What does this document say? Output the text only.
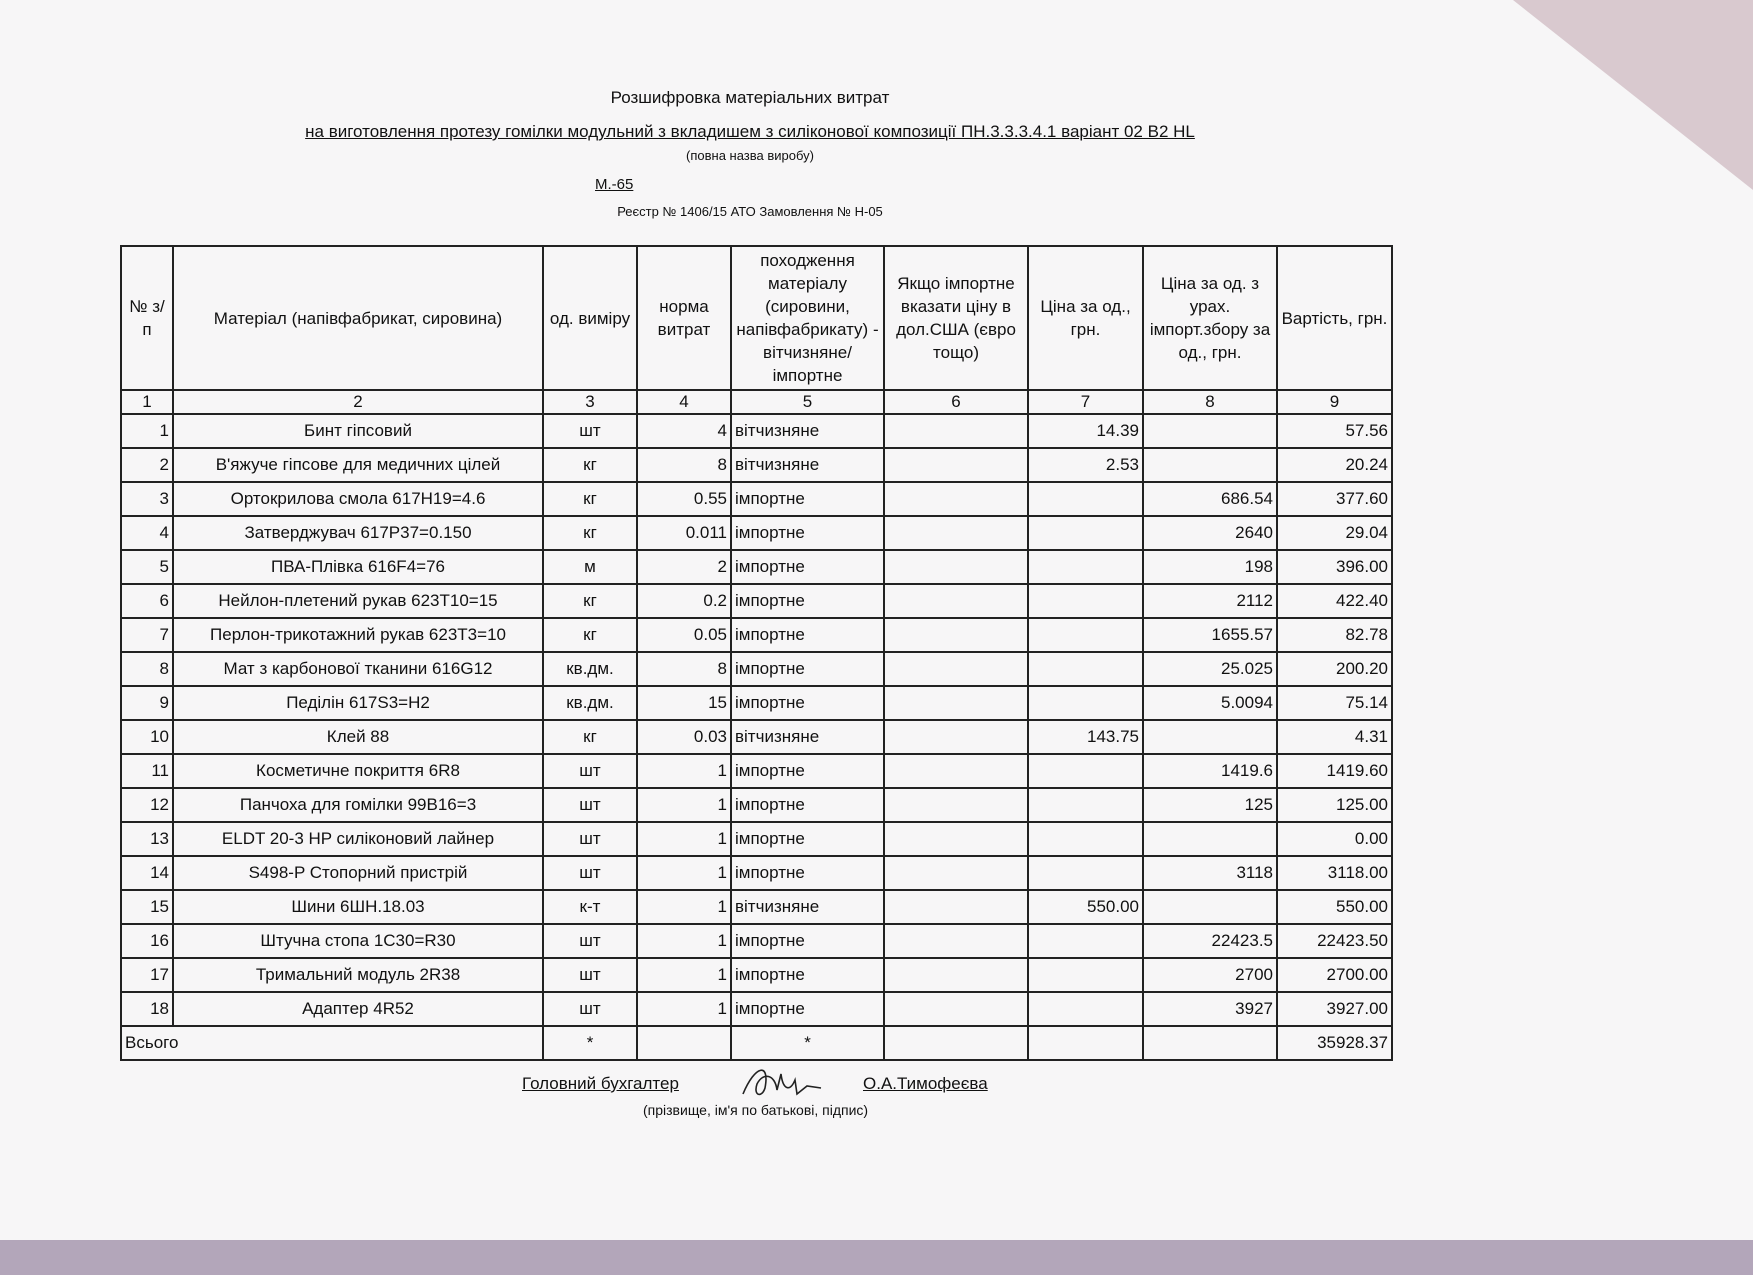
Розшифровка матеріальних витрат
на виготовлення протезу гомілки модульний з вкладишем з силіконової композиції ПН.3.3.3.4.1 варіант 02 В2 HL
(повна назва виробу)
М.-65
Реєстр № 1406/15 АТО Замовлення № Н-05
№ з/п	Матеріал (напівфабрикат, сировина)	од. виміру	норма витрат	походження матеріалу (сировини, напівфабрикату) - вітчизняне/ імпортне	Якщо імпортне вказати ціну в дол.США (євро тощо)	Ціна за од., грн.	Ціна за од. з урах. імпорт.збору за од., грн.	Вартість, грн.
1	2	3	4	5	6	7	8	9
1	Бинт гіпсовий	шт	4	вітчизняне		14.39		57.56
2	В'яжуче гіпсове для медичних цілей	кг	8	вітчизняне		2.53		20.24
3	Ортокрилова смола 617Н19=4.6	кг	0.55	імпортне			686.54	377.60
4	Затверджувач 617Р37=0.150	кг	0.011	імпортне			2640	29.04
5	ПВА-Плівка 616F4=76	м	2	імпортне			198	396.00
6	Нейлон-плетений рукав 623Т10=15	кг	0.2	імпортне			2112	422.40
7	Перлон-трикотажний рукав 623Т3=10	кг	0.05	імпортне			1655.57	82.78
8	Мат з карбонової тканини 616G12	кв.дм.	8	імпортне			25.025	200.20
9	Педілін 617S3=Н2	кв.дм.	15	імпортне			5.0094	75.14
10	Клей 88	кг	0.03	вітчизняне		143.75		4.31
11	Косметичне покриття 6R8	шт	1	імпортне			1419.6	1419.60
12	Панчоха для гомілки 99В16=3	шт	1	імпортне			125	125.00
13	ELDT 20-3 HP силіконовий лайнер	шт	1	імпортне				0.00
14	S498-P Стопорний пристрій	шт	1	імпортне			3118	3118.00
15	Шини 6ШН.18.03	к-т	1	вітчизняне		550.00		550.00
16	Штучна стопа 1С30=R30	шт	1	імпортне			22423.5	22423.50
17	Тримальний модуль 2R38	шт	1	імпортне			2700	2700.00
18	Адаптер 4R52	шт	1	імпортне			3927	3927.00
Всього		*		*				35928.37
Головний бухгалтер	О.А.Тимофеєва
(прізвище, ім'я по батькові, підпис)
